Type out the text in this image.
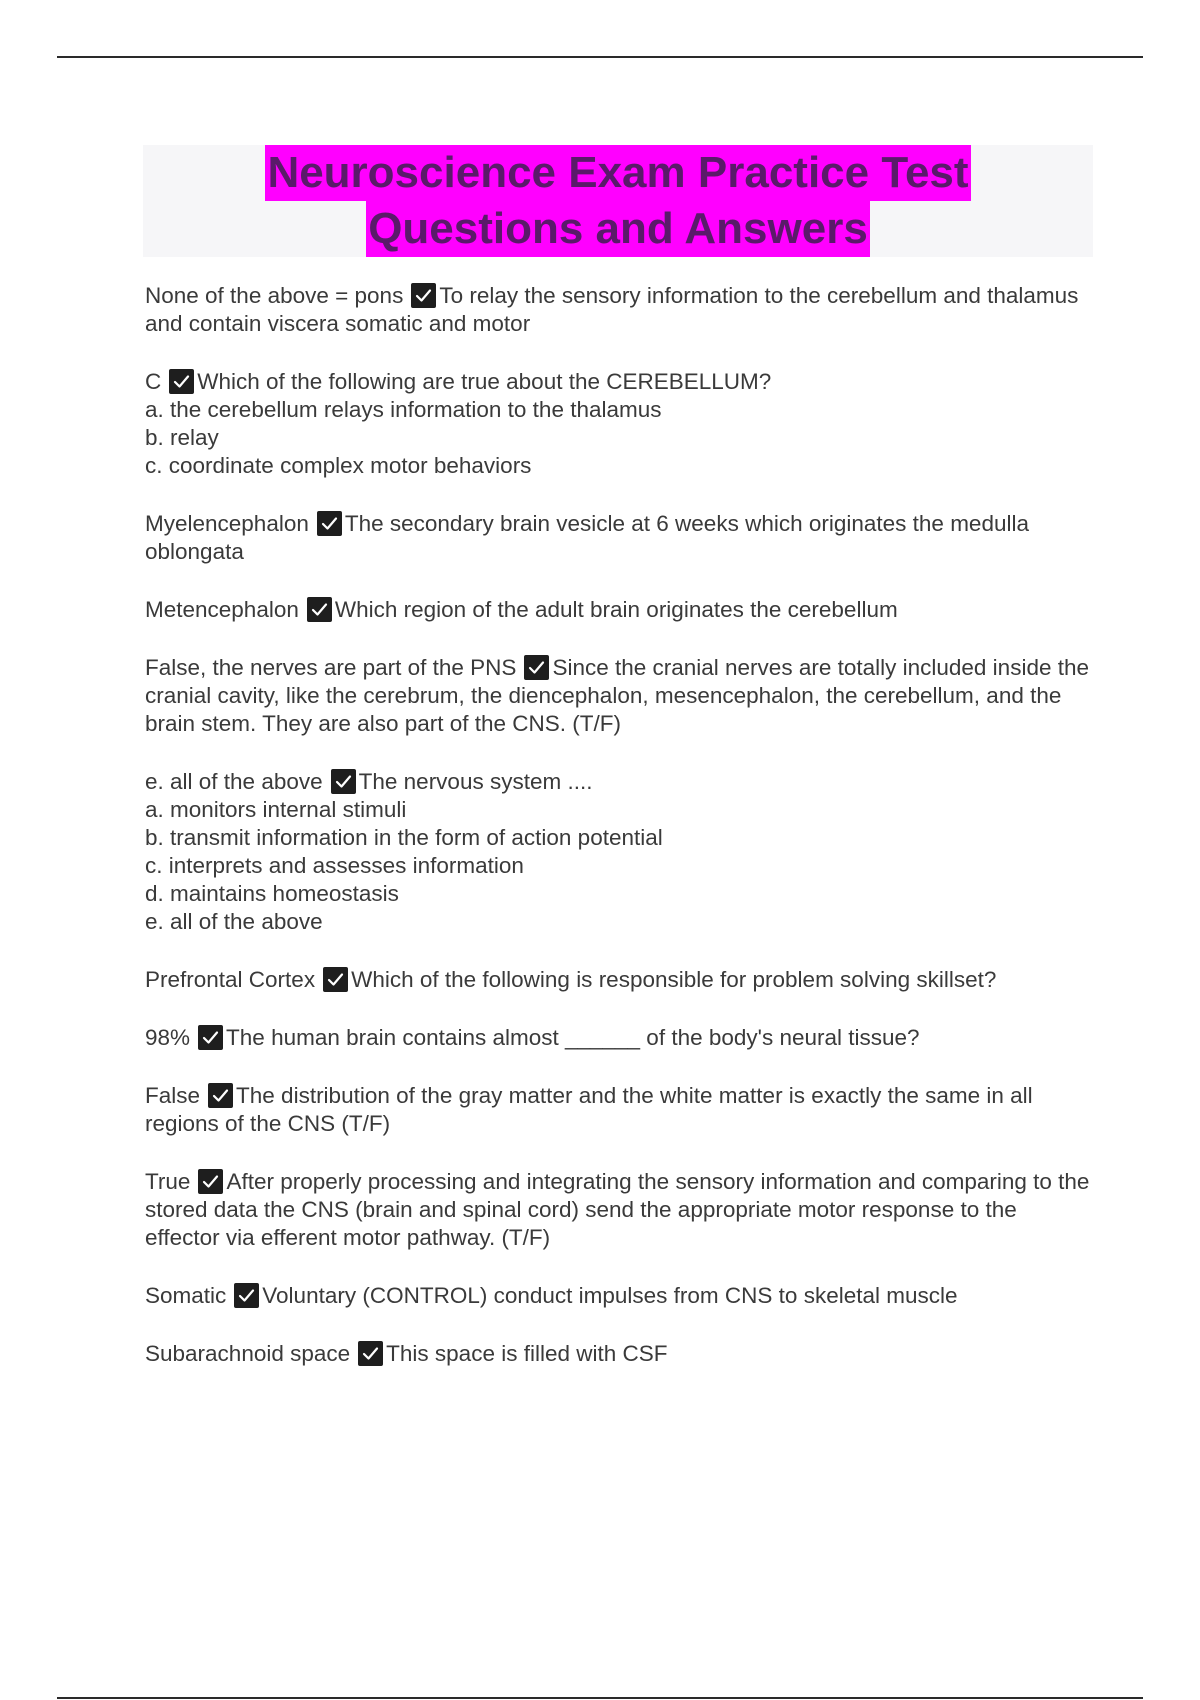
Neuroscience Exam Practice Test
Questions and Answers
None of the above = pons To relay the sensory information to the cerebellum and thalamus and contain viscera somatic and motor
C Which of the following are true about the CEREBELLUM?
a. the cerebellum relays information to the thalamus
b. relay
c. coordinate complex motor behaviors
Myelencephalon The secondary brain vesicle at 6 weeks which originates the medulla oblongata
Metencephalon Which region of the adult brain originates the cerebellum
False, the nerves are part of the PNS Since the cranial nerves are totally included inside the cranial cavity, like the cerebrum, the diencephalon, mesencephalon, the cerebellum, and the brain stem. They are also part of the CNS. (T/F)
e. all of the above The nervous system ....
a. monitors internal stimuli
b. transmit information in the form of action potential
c. interprets and assesses information
d. maintains homeostasis
e. all of the above
Prefrontal Cortex Which of the following is responsible for problem solving skillset?
98% The human brain contains almost ______ of the body's neural tissue?
False The distribution of the gray matter and the white matter is exactly the same in all regions of the CNS (T/F)
True After properly processing and integrating the sensory information and comparing to the stored data the CNS (brain and spinal cord) send the appropriate motor response to the effector via efferent motor pathway. (T/F)
Somatic Voluntary (CONTROL) conduct impulses from CNS to skeletal muscle
Subarachnoid space This space is filled with CSF
